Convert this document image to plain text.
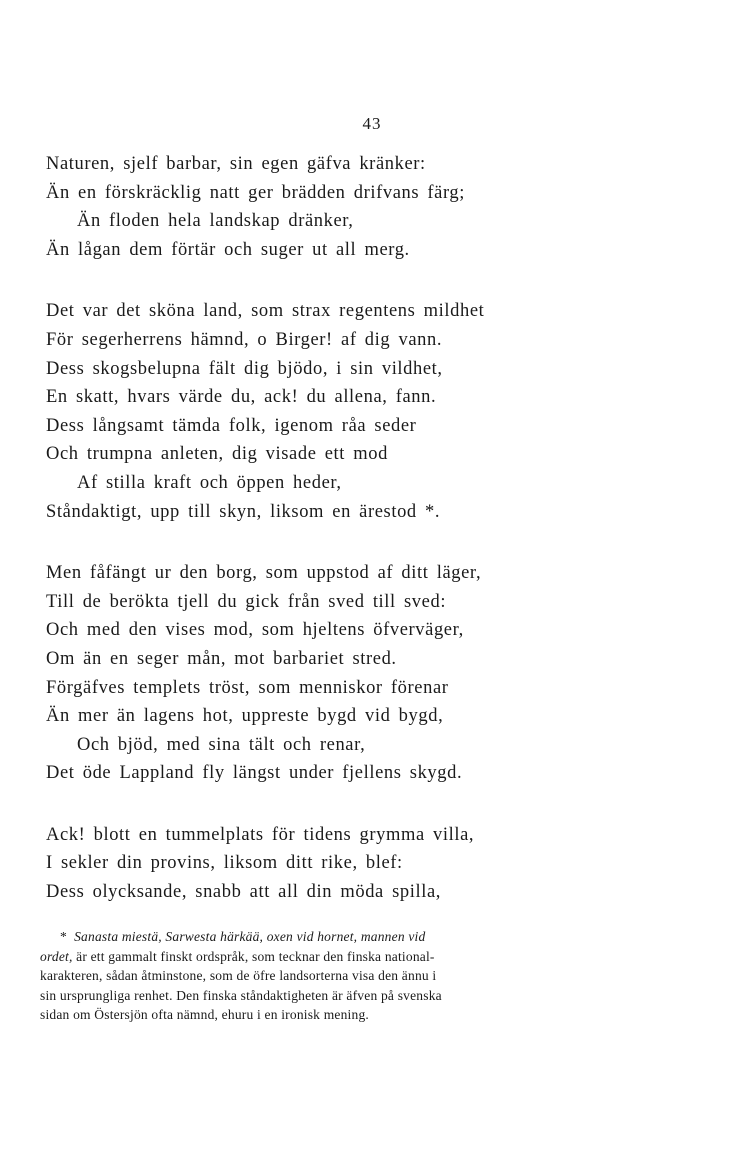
43
Naturen, sjelf barbar, sin egen gäfva kränker:
Än en förskräcklig natt ger brädden drifvans färg;
Än floden hela landskap dränker,
Än lågan dem förtär och suger ut all merg.
Det var det sköna land, som strax regentens mildhet
För segerherrens hämnd, o Birger! af dig vann.
Dess skogsbelupna fält dig bjödo, i sin vildhet,
En skatt, hvars värde du, ack! du allena, fann.
Dess långsamt tämda folk, igenom råa seder
Och trumpna anleten, dig visade ett mod
Af stilla kraft och öppen heder,
Ståndaktigt, upp till skyn, liksom en ärestod *.
Men fåfängt ur den borg, som uppstod af ditt läger,
Till de berökta tjell du gick från sved till sved:
Och med den vises mod, som hjeltens öfverväger,
Om än en seger mån, mot barbariet stred.
Förgäfves templets tröst, som menniskor förenar
Än mer än lagens hot, uppreste bygd vid bygd,
Och bjöd, med sina tält och renar,
Det öde Lappland fly längst under fjellens skygd.
Ack! blott en tummelplats för tidens grymma villa,
I sekler din provins, liksom ditt rike, blef:
Dess olycksande, snabb att all din möda spilla,
* Sanasta miestä, Sarwesta härkää, oxen vid hornet, mannen vid
ordet, är ett gammalt finskt ordspråk, som tecknar den finska national-
karakteren, sådan åtminstone, som de öfre landsorterna visa den ännu i
sin ursprungliga renhet. Den finska ståndaktigheten är äfven på svenska
sidan om Östersjön ofta nämnd, ehuru i en ironisk mening.
